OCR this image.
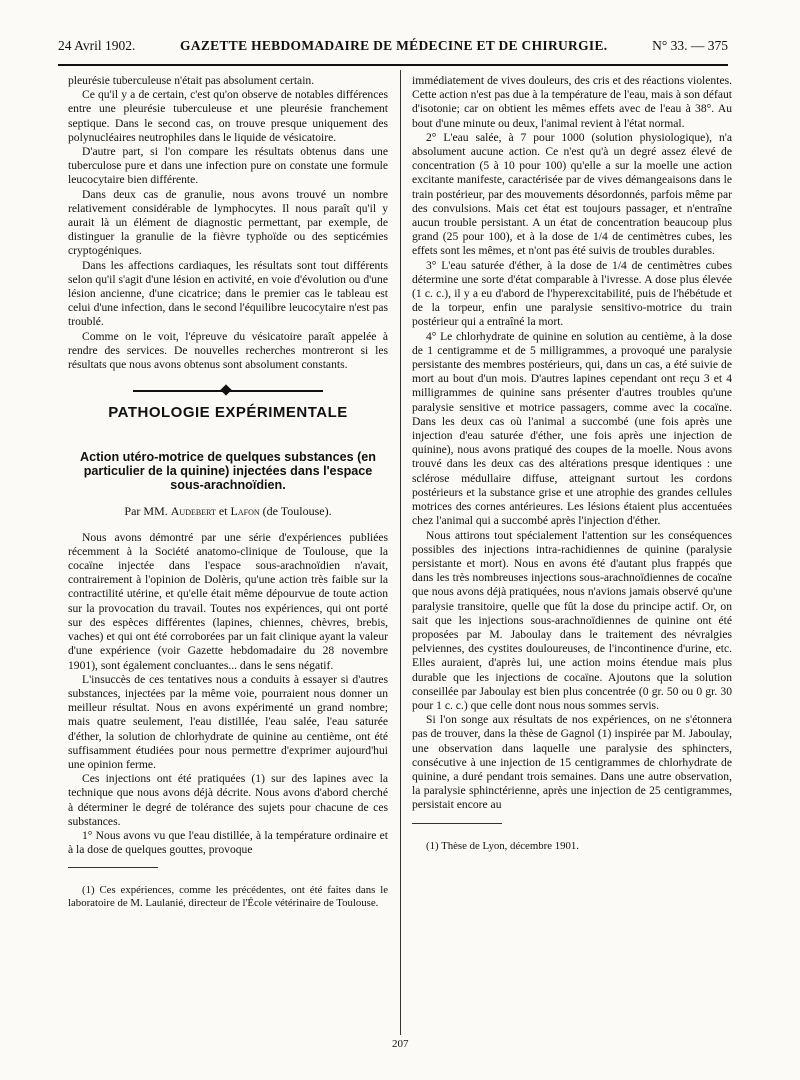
24 Avril 1902.	GAZETTE HEBDOMADAIRE DE MÉDECINE ET DE CHIRURGIE.	N° 33. — 375

pleurésie tuberculeuse n'était pas absolument certain.

Ce qu'il y a de certain, c'est qu'on observe de notables différences entre une pleurésie tuberculeuse et une pleurésie franchement septique. Dans le second cas, on trouve presque uniquement des polynucléaires neutrophiles dans le liquide de vésicatoire.

D'autre part, si l'on compare les résultats obtenus dans une tuberculose pure et dans une infection pure on constate une formule leucocytaire bien différente.

Dans deux cas de granulie, nous avons trouvé un nombre relativement considérable de lymphocytes. Il nous paraît qu'il y aurait là un élément de diagnostic permettant, par exemple, de distinguer la granulie de la fièvre typhoïde ou des septicémies cryptogéniques.

Dans les affections cardiaques, les résultats sont tout différents selon qu'il s'agit d'une lésion en activité, en voie d'évolution ou d'une lésion ancienne, d'une cicatrice; dans le premier cas le tableau est celui d'une infection, dans le second l'équilibre leucocytaire n'est pas troublé.

Comme on le voit, l'épreuve du vésicatoire paraît appelée à rendre des services. De nouvelles recherches montreront si les résultats que nous avons obtenus sont absolument constants.

PATHOLOGIE EXPÉRIMENTALE
Action utéro-motrice de quelques substances (en particulier de la quinine) injectées dans l'espace sous-arachnoïdien.
Par MM. Audebert et Lafon (de Toulouse).

Nous avons démontré par une série d'expériences publiées récemment à la Société anatomo-clinique de Toulouse, que la cocaïne injectée dans l'espace sous-arachnoïdien n'avait, contrairement à l'opinion de Dolèris, qu'une action très faible sur la contractilité utérine, et qu'elle était même dépourvue de toute action sur la provocation du travail. Toutes nos expériences, qui ont porté sur des espèces différentes (lapines, chiennes, chèvres, brebis, vaches) et qui ont été corroborées par un fait clinique ayant la valeur d'une expérience (voir Gazette hebdomadaire du 28 novembre 1901), sont également concluantes... dans le sens négatif.

L'insuccès de ces tentatives nous a conduits à essayer si d'autres substances, injectées par la même voie, pourraient nous donner un meilleur résultat. Nous en avons expérimenté un grand nombre; mais quatre seulement, l'eau distillée, l'eau salée, l'eau saturée d'éther, la solution de chlorhydrate de quinine au centième, ont été suffisamment étudiées pour nous permettre d'exprimer aujourd'hui une opinion ferme.

Ces injections ont été pratiquées (1) sur des lapines avec la technique que nous avons déjà décrite. Nous avons d'abord cherché à déterminer le degré de tolérance des sujets pour chacune de ces substances.

1° Nous avons vu que l'eau distillée, à la température ordinaire et à la dose de quelques gouttes, provoque

(1) Ces expériences, comme les précédentes, ont été faites dans le laboratoire de M. Laulanié, directeur de l'École vétérinaire de Toulouse.

immédiatement de vives douleurs, des cris et des réactions violentes. Cette action n'est pas due à la température de l'eau, mais à son défaut d'isotonie; car on obtient les mêmes effets avec de l'eau à 38°. Au bout d'une minute ou deux, l'animal revient à l'état normal.

2° L'eau salée, à 7 pour 1000 (solution physiologique), n'a absolument aucune action. Ce n'est qu'à un degré assez élevé de concentration (5 à 10 pour 100) qu'elle a sur la moelle une action excitante manifeste, caractérisée par de vives démangeaisons dans le train postérieur, par des mouvements désordonnés, parfois même par des convulsions. Mais cet état est toujours passager, et n'entraîne aucun trouble persistant. A un état de concentration beaucoup plus grand (25 pour 100), et à la dose de 1/4 de centimètres cubes, les effets sont les mêmes, et n'ont pas été suivis de troubles durables.

3° L'eau saturée d'éther, à la dose de 1/4 de centimètres cubes détermine une sorte d'état comparable à l'ivresse. A dose plus élevée (1 c. c.), il y a eu d'abord de l'hyperexcitabilité, puis de l'hébétude et de la torpeur, enfin une paralysie sensitivo-motrice du train postérieur qui a entraîné la mort.

4° Le chlorhydrate de quinine en solution au centième, à la dose de 1 centigramme et de 5 milligrammes, a provoqué une paralysie persistante des membres postérieurs, qui, dans un cas, a été suivie de mort au bout d'un mois. D'autres lapines cependant ont reçu 3 et 4 milligrammes de quinine sans présenter d'autres troubles qu'une paralysie sensitive et motrice passagers, comme avec la cocaïne. Dans les deux cas où l'animal a succombé (une fois après une injection d'eau saturée d'éther, une fois après une injection de quinine), nous avons pratiqué des coupes de la moelle. Nous avons trouvé dans les deux cas des altérations presque identiques : une sclérose médullaire diffuse, atteignant surtout les cordons postérieurs et la substance grise et une atrophie des grandes cellules motrices des cornes antérieures. Les lésions étaient plus accentuées chez l'animal qui a succombé après l'injection d'éther.

Nous attirons tout spécialement l'attention sur les conséquences possibles des injections intra-rachidiennes de quinine (paralysie persistante et mort). Nous en avons été d'autant plus frappés que dans les très nombreuses injections sous-arachnoïdiennes de cocaïne que nous avons déjà pratiquées, nous n'avions jamais observé qu'une paralysie transitoire, quelle que fût la dose du principe actif. Or, on sait que les injections sous-arachnoïdiennes de quinine ont été proposées par M. Jaboulay dans le traitement des névralgies pelviennes, des cystites douloureuses, de l'incontinence d'urine, etc. Elles auraient, d'après lui, une action moins étendue mais plus durable que les injections de cocaïne. Ajoutons que la solution conseillée par Jaboulay est bien plus concentrée (0 gr. 50 ou 0 gr. 30 pour 1 c. c.) que celle dont nous nous sommes servis.

Si l'on songe aux résultats de nos expériences, on ne s'étonnera pas de trouver, dans la thèse de Gagnol (1) inspirée par M. Jaboulay, une observation dans laquelle une paralysie des sphincters, consécutive à une injection de 15 centigrammes de chlorhydrate de quinine, a duré pendant trois semaines. Dans une autre observation, la paralysie sphinctérienne, après une injection de 25 centigrammes, persistait encore au

(1) Thèse de Lyon, décembre 1901.

207
